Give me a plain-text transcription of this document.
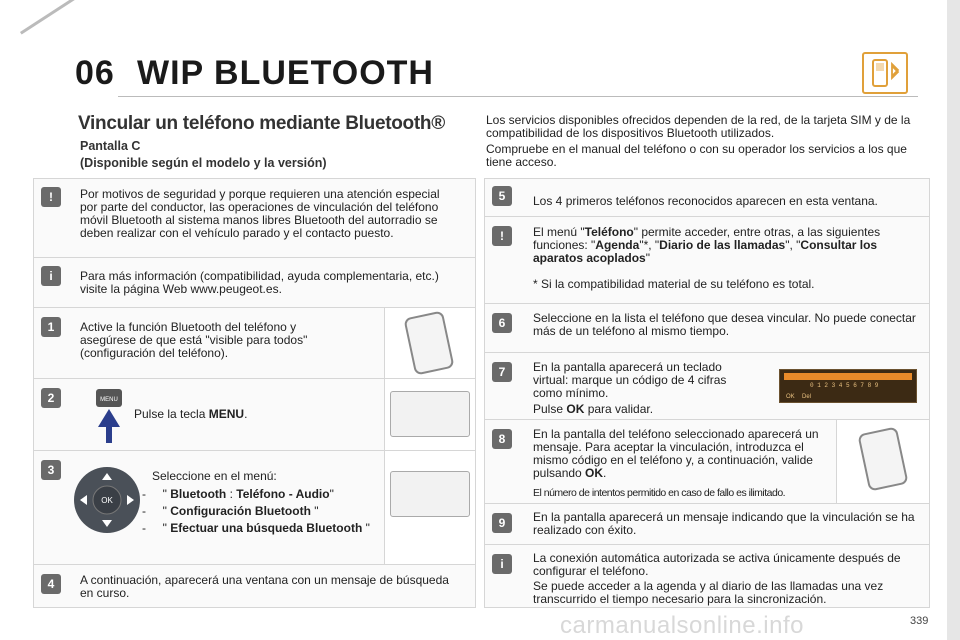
06 WIP BLUETOOTH
Vincular un teléfono mediante Bluetooth®
Pantalla C
(Disponible según el modelo y la versión)
Los servicios disponibles ofrecidos dependen de la red, de la tarjeta SIM y de la compatibilidad de los dispositivos Bluetooth utilizados.
Compruebe en el manual del teléfono o con su operador los servicios a los que tiene acceso.
!	Por motivos de seguridad y porque requieren una atención especial por parte del conductor, las operaciones de vinculación del teléfono móvil Bluetooth al sistema manos libres Bluetooth del autorradio se deben realizar con el vehículo parado y el contacto puesto.
i	Para más información (compatibilidad, ayuda complementaria, etc.) visite la página Web www.peugeot.es.
1	Active la función Bluetooth del teléfono y asegúrese de que está "visible para todos" (configuración del teléfono).
2	MENU
Pulse la tecla MENU.
3
OK
Seleccione en el menú:
-     " Bluetooth : Teléfono - Audio"
-     " Configuración Bluetooth "
-     " Efectuar una búsqueda Bluetooth "
4	A continuación, aparecerá una ventana con un mensaje de búsqueda en curso.
5	Los 4 primeros teléfonos reconocidos aparecen en esta ventana.
!	El menú "Teléfono" permite acceder, entre otras, a las siguientes funciones: "Agenda"*, "Diario de las llamadas", "Consultar los aparatos acoplados"
* Si la compatibilidad material de su teléfono es total.
6	Seleccione en la lista el teléfono que desea vincular. No puede conectar más de un teléfono al mismo tiempo.
7	En la pantalla aparecerá un teclado virtual: marque un código de 4 cifras como mínimo.
Pulse OK para validar.
0 1 2 3 4 5 6 7 8 9
OK Del
8	En la pantalla del teléfono seleccionado aparecerá un mensaje. Para aceptar la vinculación, introduzca el mismo código en el teléfono y, a continuación, valide pulsando OK.
El número de intentos permitido en caso de fallo es ilimitado.
9	En la pantalla aparecerá un mensaje indicando que la vinculación se ha realizado con éxito.
i	La conexión automática autorizada se activa únicamente después de configurar el teléfono.
Se puede acceder a la agenda y al diario de las llamadas una vez transcurrido el tiempo necesario para la sincronización.
carmanualsonline.info	339
